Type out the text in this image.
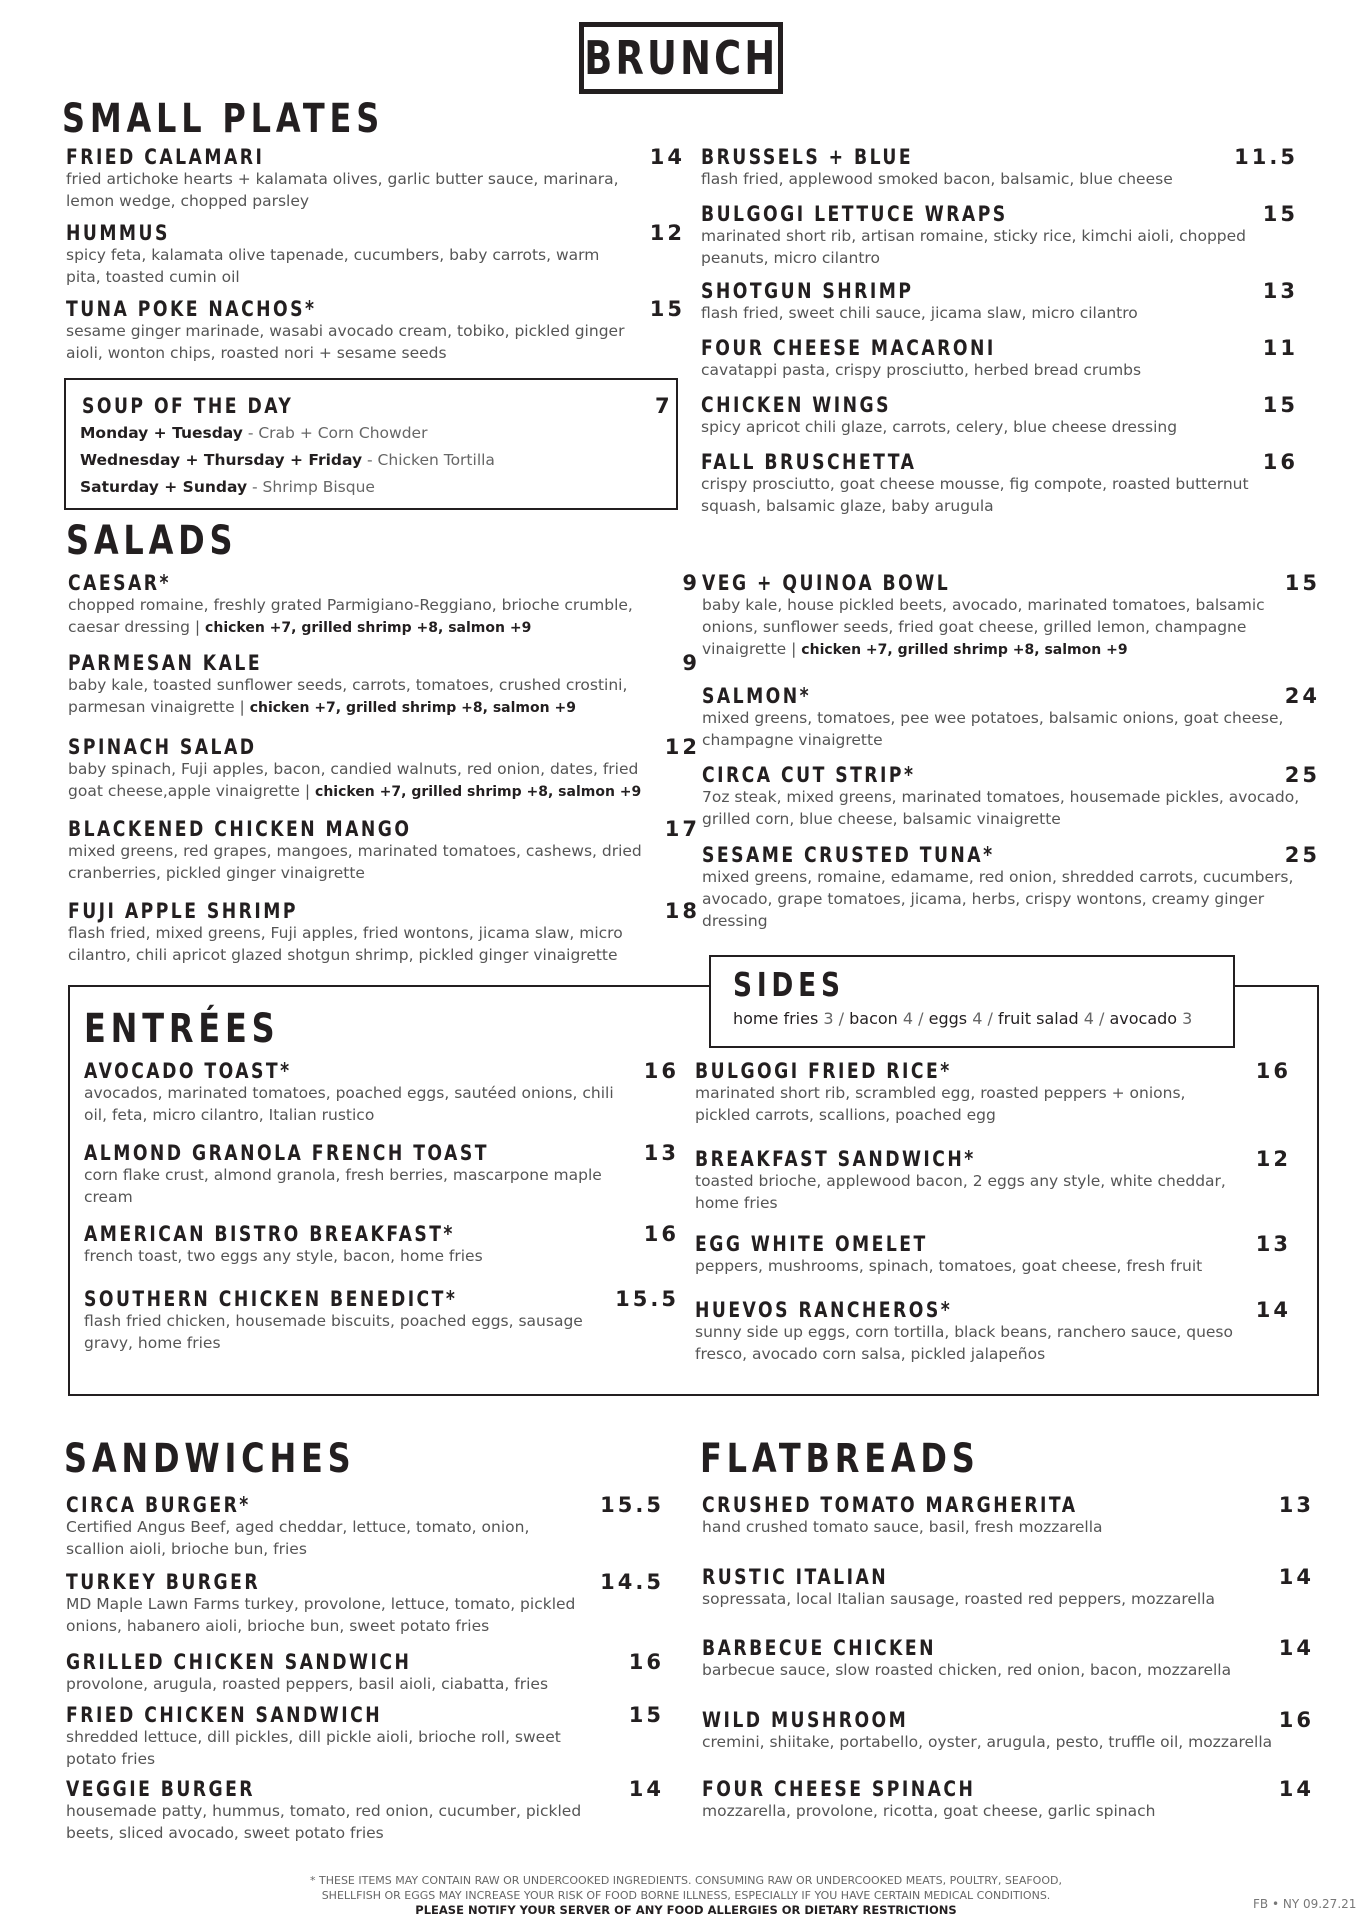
BRUNCH
SMALL PLATES
FRIED CALAMARI	14
fried artichoke hearts + kalamata olives, garlic butter sauce, marinara, lemon wedge, chopped parsley
HUMMUS	12
spicy feta, kalamata olive tapenade, cucumbers, baby carrots, warm pita, toasted cumin oil
TUNA POKE NACHOS*	15
sesame ginger marinade, wasabi avocado cream, tobiko, pickled ginger aioli, wonton chips, roasted nori + sesame seeds
BRUSSELS + BLUE	11.5
flash fried, applewood smoked bacon, balsamic, blue cheese
BULGOGI LETTUCE WRAPS	15
marinated short rib, artisan romaine, sticky rice, kimchi aioli, chopped peanuts, micro cilantro
SHOTGUN SHRIMP	13
flash fried, sweet chili sauce, jicama slaw, micro cilantro
FOUR CHEESE MACARONI	11
cavatappi pasta, crispy prosciutto, herbed bread crumbs
CHICKEN WINGS	15
spicy apricot chili glaze, carrots, celery, blue cheese dressing
FALL BRUSCHETTA	16
crispy prosciutto, goat cheese mousse, fig compote, roasted butternut squash, balsamic glaze, baby arugula
SOUP OF THE DAY	7
Monday + Tuesday - Crab + Corn Chowder
Wednesday + Thursday + Friday - Chicken Tortilla
Saturday + Sunday - Shrimp Bisque
SALADS
CAESAR*	9
chopped romaine, freshly grated Parmigiano-Reggiano, brioche crumble, caesar dressing | chicken +7, grilled shrimp +8, salmon +9
PARMESAN KALE	9
baby kale, toasted sunflower seeds, carrots, tomatoes, crushed crostini, parmesan vinaigrette | chicken +7, grilled shrimp +8, salmon +9
SPINACH SALAD	12
baby spinach, Fuji apples, bacon, candied walnuts, red onion, dates, fried goat cheese,apple vinaigrette | chicken +7, grilled shrimp +8, salmon +9
BLACKENED CHICKEN MANGO	17
mixed greens, red grapes, mangoes, marinated tomatoes, cashews, dried cranberries, pickled ginger vinaigrette
FUJI APPLE SHRIMP	18
flash fried, mixed greens, Fuji apples, fried wontons, jicama slaw, micro cilantro, chili apricot glazed shotgun shrimp, pickled ginger vinaigrette
VEG + QUINOA BOWL	15
baby kale, house pickled beets, avocado, marinated tomatoes, balsamic onions, sunflower seeds, fried goat cheese, grilled lemon, champagne vinaigrette | chicken +7, grilled shrimp +8, salmon +9
SALMON*	24
mixed greens, tomatoes, pee wee potatoes, balsamic onions, goat cheese, champagne vinaigrette
CIRCA CUT STRIP*	25
7oz steak, mixed greens, marinated tomatoes, housemade pickles, avocado, grilled corn, blue cheese, balsamic vinaigrette
SESAME CRUSTED TUNA*	25
mixed greens, romaine, edamame, red onion, shredded carrots, cucumbers, avocado, grape tomatoes, jicama, herbs, crispy wontons, creamy ginger dressing
ENTRÉES
AVOCADO TOAST*	16
avocados, marinated tomatoes, poached eggs, sautéed onions, chili oil, feta, micro cilantro, Italian rustico
ALMOND GRANOLA FRENCH TOAST	13
corn flake crust, almond granola, fresh berries, mascarpone maple cream
AMERICAN BISTRO BREAKFAST*	16
french toast, two eggs any style, bacon, home fries
SOUTHERN CHICKEN BENEDICT*	15.5
flash fried chicken, housemade biscuits, poached eggs, sausage gravy, home fries
BULGOGI FRIED RICE*	16
marinated short rib, scrambled egg, roasted peppers + onions, pickled carrots, scallions, poached egg
BREAKFAST SANDWICH*	12
toasted brioche, applewood bacon, 2 eggs any style, white cheddar, home fries
EGG WHITE OMELET	13
peppers, mushrooms, spinach, tomatoes, goat cheese, fresh fruit
HUEVOS RANCHEROS*	14
sunny side up eggs, corn tortilla, black beans, ranchero sauce, queso fresco, avocado corn salsa, pickled jalapeños
SIDES
home fries 3 / bacon 4 / eggs 4 / fruit salad 4 / avocado 3
SANDWICHES
CIRCA BURGER*	15.5
Certified Angus Beef, aged cheddar, lettuce, tomato, onion, scallion aioli, brioche bun, fries
TURKEY BURGER	14.5
MD Maple Lawn Farms turkey, provolone, lettuce, tomato, pickled onions, habanero aioli, brioche bun, sweet potato fries
GRILLED CHICKEN SANDWICH	16
provolone, arugula, roasted peppers, basil aioli, ciabatta, fries
FRIED CHICKEN SANDWICH	15
shredded lettuce, dill pickles, dill pickle aioli, brioche roll, sweet potato fries
VEGGIE BURGER	14
housemade patty, hummus, tomato, red onion, cucumber, pickled beets, sliced avocado, sweet potato fries
FLATBREADS
CRUSHED TOMATO MARGHERITA	13
hand crushed tomato sauce, basil, fresh mozzarella
RUSTIC ITALIAN	14
sopressata, local Italian sausage, roasted red peppers, mozzarella
BARBECUE CHICKEN	14
barbecue sauce, slow roasted chicken, red onion, bacon, mozzarella
WILD MUSHROOM	16
cremini, shiitake, portabello, oyster, arugula, pesto, truffle oil, mozzarella
FOUR CHEESE SPINACH	14
mozzarella, provolone, ricotta, goat cheese, garlic spinach
* THESE ITEMS MAY CONTAIN RAW OR UNDERCOOKED INGREDIENTS. CONSUMING RAW OR UNDERCOOKED MEATS, POULTRY, SEAFOOD,
SHELLFISH OR EGGS MAY INCREASE YOUR RISK OF FOOD BORNE ILLNESS, ESPECIALLY IF YOU HAVE CERTAIN MEDICAL CONDITIONS.
PLEASE NOTIFY YOUR SERVER OF ANY FOOD ALLERGIES OR DIETARY RESTRICTIONS	FB • NY 09.27.21
